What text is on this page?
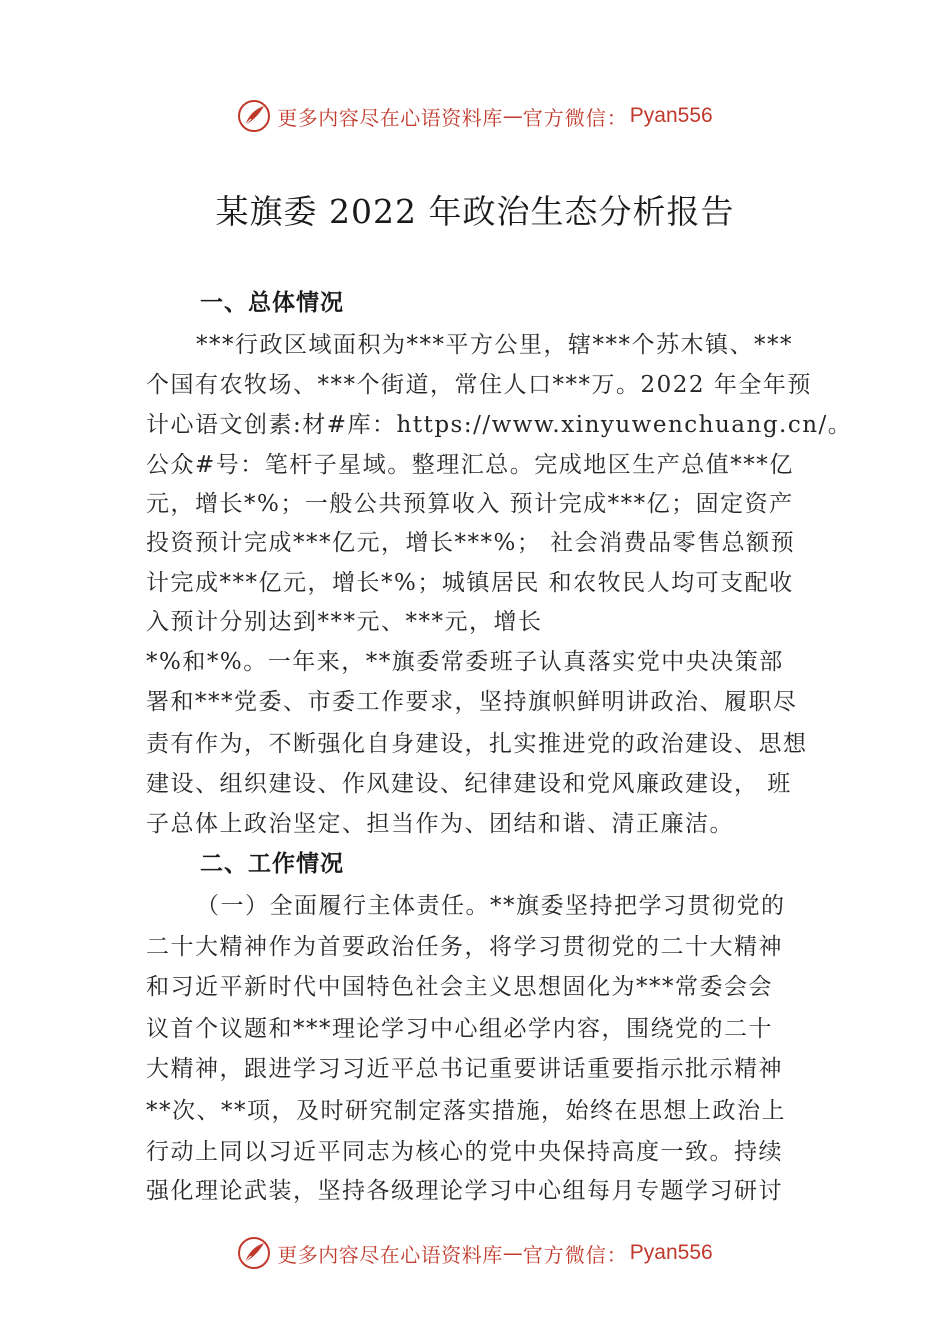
更多内容尽在心语资料库 — 官方微信： Pyan556
某旗委 2022 年政治生态分析报告
一、总体情况
***行政区域面积为***平方公里，辖***个苏木镇、***
个国有农牧场、***个街道，常住人口***万。2022 年全年预
计心语文创素:材#库：https://www.xinyuwenchuang.cn/。
公众#号：笔杆子星域。整理汇总。完成地区生产总值***亿
元，增长*%；一般公共预算收入 预计完成***亿；固定资产
投资预计完成***亿元，增长***%； 社会消费品零售总额预
计完成***亿元，增长*%；城镇居民 和农牧民人均可支配收
入预计分别达到***元、***元，增长
*%和*%。一年来，**旗委常委班子认真落实党中央决策部
署和***党委、市委工作要求，坚持旗帜鲜明讲政治、履职尽
责有作为，不断强化自身建设，扎实推进党的政治建设、思想
建设、组织建设、作风建设、纪律建设和党风廉政建设， 班
子总体上政治坚定、担当作为、团结和谐、清正廉洁。
二、工作情况
（一）全面履行主体责任。**旗委坚持把学习贯彻党的
二十大精神作为首要政治任务，将学习贯彻党的二十大精神
和习近平新时代中国特色社会主义思想固化为***常委会会
议首个议题和***理论学习中心组必学内容，围绕党的二十
大精神，跟进学习习近平总书记重要讲话重要指示批示精神
**次、**项，及时研究制定落实措施，始终在思想上政治上
行动上同以习近平同志为核心的党中央保持高度一致。持续
强化理论武装，坚持各级理论学习中心组每月专题学习研讨
更多内容尽在心语资料库 — 官方微信： Pyan556
